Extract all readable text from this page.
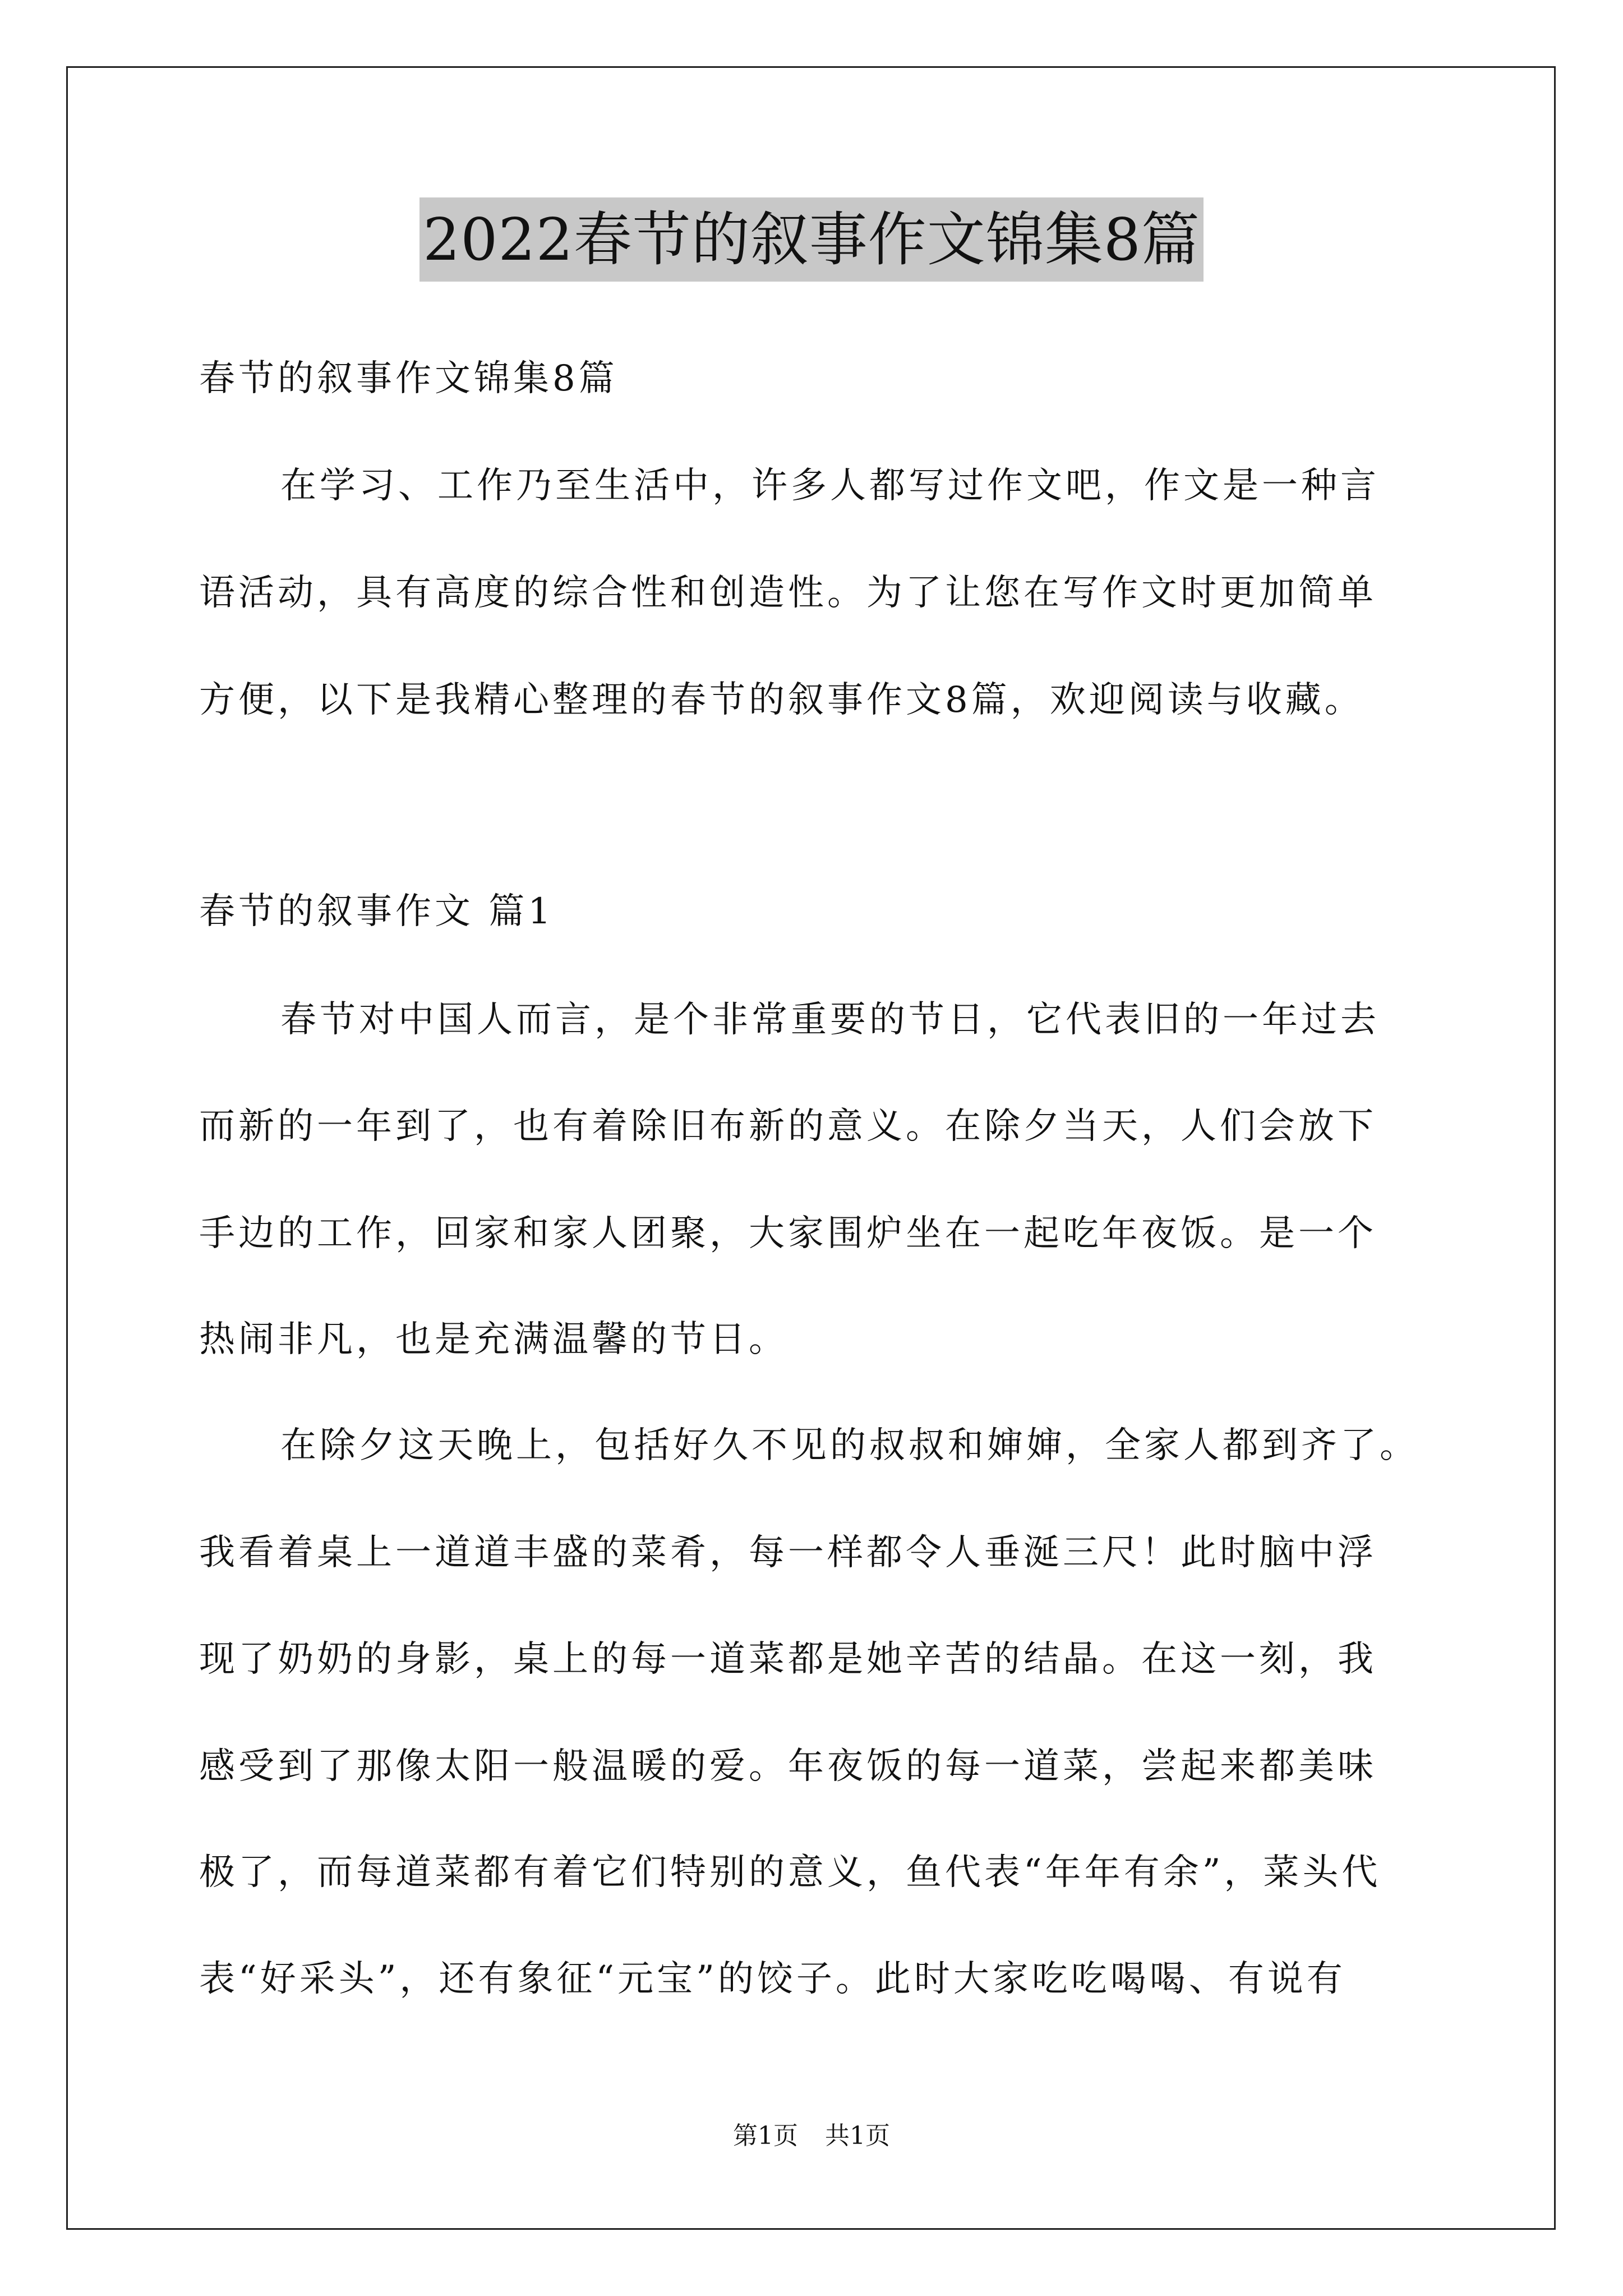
2022春节的叙事作文锦集8篇
春节的叙事作文锦集8篇
在学习、工作乃至生活中，许多人都写过作文吧，作文是一种言
语活动，具有高度的综合性和创造性。为了让您在写作文时更加简单
方便，以下是我精心整理的春节的叙事作文8篇，欢迎阅读与收藏。
春节的叙事作文 篇1
春节对中国人而言，是个非常重要的节日，它代表旧的一年过去
而新的一年到了，也有着除旧布新的意义。在除夕当天，人们会放下
手边的工作，回家和家人团聚，大家围炉坐在一起吃年夜饭。是一个
热闹非凡，也是充满温馨的节日。
在除夕这天晚上，包括好久不见的叔叔和婶婶，全家人都到齐了。
我看着桌上一道道丰盛的菜肴，每一样都令人垂涎三尺！此时脑中浮
现了奶奶的身影，桌上的每一道菜都是她辛苦的结晶。在这一刻，我
感受到了那像太阳一般温暖的爱。年夜饭的每一道菜，尝起来都美味
极了，而每道菜都有着它们特别的意义，鱼代表“年年有余”，菜头代
表“好采头”，还有象征“元宝”的饺子。此时大家吃吃喝喝、有说有
第1页 共1页
